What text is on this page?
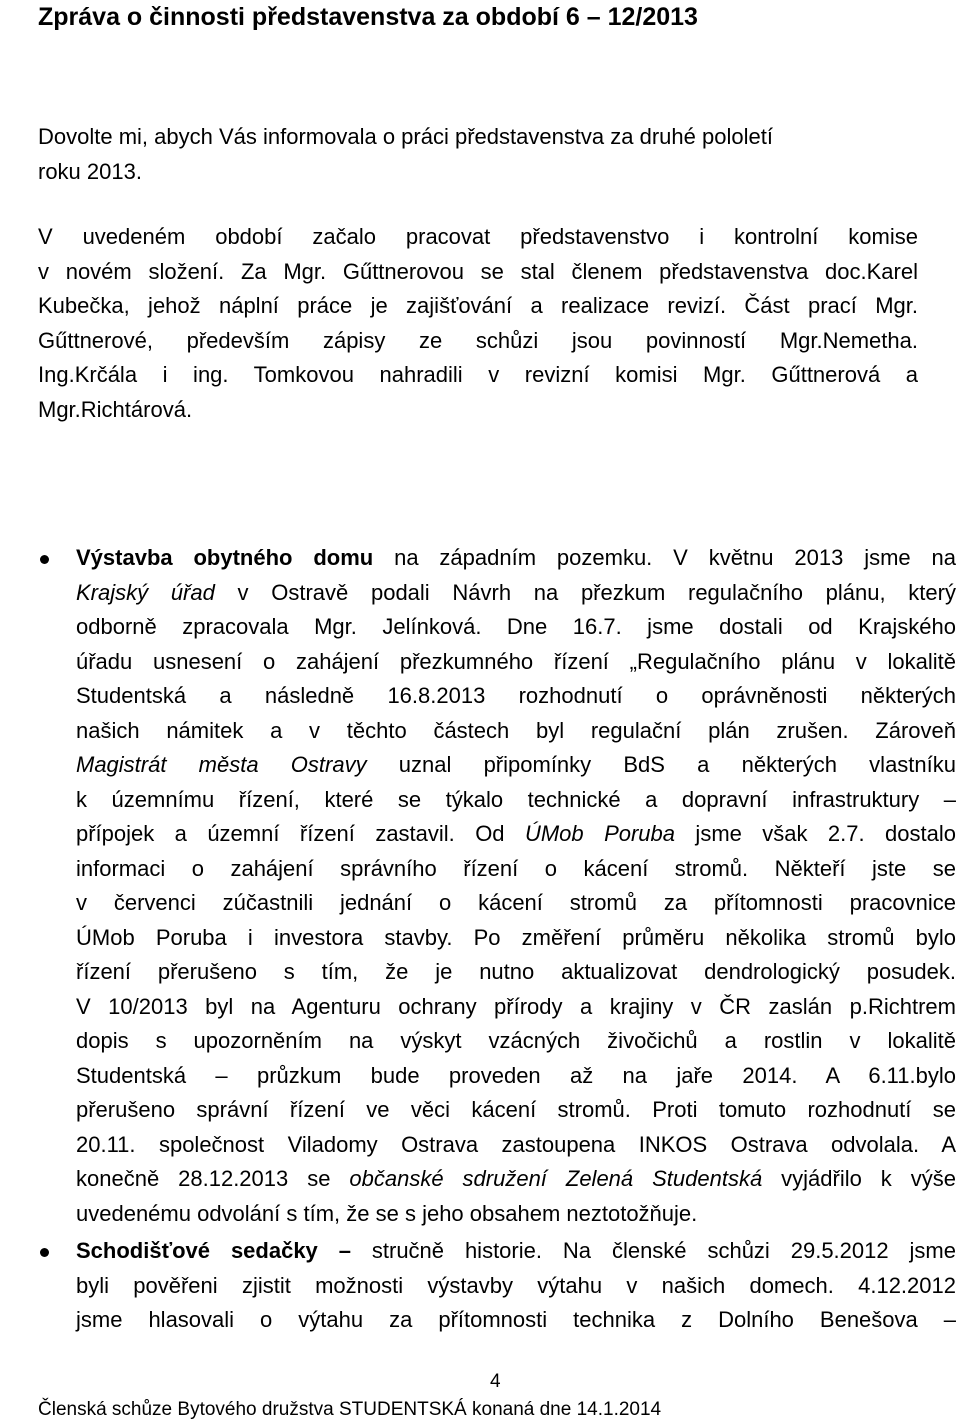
Zpráva o činnosti představenstva za období 6 – 12/2013
Dovolte mi, abych Vás informovala o práci představenstva za druhé pololetí
roku 2013.
V uvedeném období začalo pracovat představenstvo i kontrolní komise
v novém složení. Za Mgr. Gűttnerovou se stal členem představenstva doc.Karel
Kubečka, jehož náplní práce je zajišťování a realizace revizí. Část prací Mgr.
Gűttnerové, především zápisy ze schůzi jsou povinností Mgr.Nemetha.
Ing.Krčála i ing. Tomkovou nahradili v revizní komisi Mgr. Gűttnerová a
Mgr.Richtárová.
Výstavba obytného domu na západním pozemku. V květnu 2013 jsme na
Krajský úřad v Ostravě podali Návrh na přezkum regulačního plánu, který
odborně zpracovala Mgr. Jelínková. Dne 16.7. jsme dostali od Krajského
úřadu usnesení o zahájení přezkumného řízení „Regulačního plánu v lokalitě
Studentská a následně 16.8.2013 rozhodnutí o oprávněnosti některých
našich námitek a v těchto částech byl regulační plán zrušen. Zároveň
Magistrát města Ostravy uznal připomínky BdS a některých vlastníku
k územnímu řízení, které se týkalo technické a dopravní infrastruktury –
přípojek a územní řízení zastavil. Od ÚMob Poruba jsme však 2.7. dostalo
informaci o zahájení správního řízení o kácení stromů. Někteří jste se
v červenci zúčastnili jednání o kácení stromů za přítomnosti pracovnice
ÚMob Poruba i investora stavby. Po změření průměru několika stromů bylo
řízení přerušeno s tím, že je nutno aktualizovat dendrologický posudek.
V 10/2013 byl na Agenturu ochrany přírody a krajiny v ČR zaslán p.Richtrem
dopis s upozorněním na výskyt vzácných živočichů a rostlin v lokalitě
Studentská – průzkum bude proveden až na jaře 2014. A 6.11.bylo
přerušeno správní řízení ve věci kácení stromů. Proti tomuto rozhodnutí se
20.11. společnost Viladomy Ostrava zastoupena INKOS Ostrava odvolala. A
konečně 28.12.2013 se občanské sdružení Zelená Studentská vyjádřilo k výše
uvedenému odvolání s tím, že se s jeho obsahem neztotožňuje.
Schodišťové sedačky – stručně historie. Na členské schůzi 29.5.2012 jsme
byli pověřeni zjistit možnosti výstavby výtahu v našich domech. 4.12.2012
jsme hlasovali o výtahu za přítomnosti technika z Dolního Benešova –
4
Členská schůze Bytového družstva STUDENTSKÁ konaná dne 14.1.2014
